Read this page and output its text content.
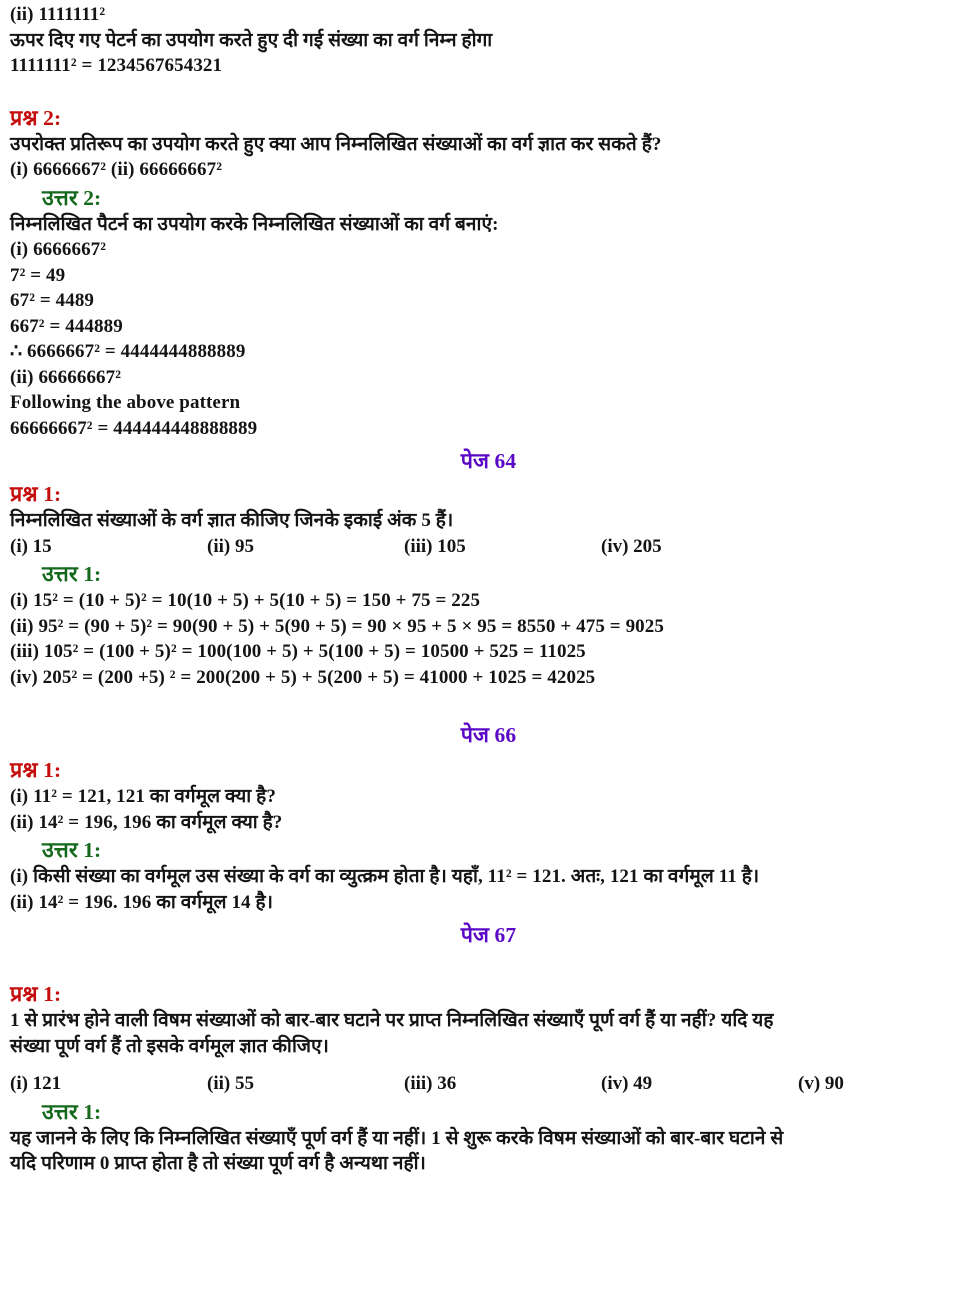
(ii) 1111111²
ऊपर दिए गए पेटर्न का उपयोग करते हुए दी गई संख्या का वर्ग निम्न होगा
1111111² = 1234567654321
प्रश्न 2:
उपरोक्त प्रतिरूप का उपयोग करते हुए क्या आप निम्नलिखित संख्याओं का वर्ग ज्ञात कर सकते हैं?
(i) 6666667² (ii) 66666667²
उत्तर 2:
निम्नलिखित पैटर्न का उपयोग करके निम्नलिखित संख्याओं का वर्ग बनाएं:
(i) 6666667²
7² = 49
67² = 4489
667² = 444889
∴ 6666667² = 4444444888889
(ii) 66666667²
Following the above pattern
66666667² = 444444448888889
पेज 64
प्रश्न 1:
निम्नलिखित संख्याओं के वर्ग ज्ञात कीजिए जिनके इकाई अंक 5 हैं।
(i) 15	(ii) 95	(iii) 105	(iv) 205
उत्तर 1:
(i) 15² = (10 + 5)² = 10(10 + 5) + 5(10 + 5) = 150 + 75 = 225
(ii) 95² = (90 + 5)² = 90(90 + 5) + 5(90 + 5) = 90 × 95 + 5 × 95 = 8550 + 475 = 9025
(iii) 105² = (100 + 5)² = 100(100 + 5) + 5(100 + 5) = 10500 + 525 = 11025
(iv) 205² = (200 +5) ² = 200(200 + 5) + 5(200 + 5) = 41000 + 1025 = 42025
पेज 66
प्रश्न 1:
(i) 11² = 121, 121 का वर्गमूल क्या है?
(ii) 14² = 196, 196 का वर्गमूल क्या है?
उत्तर 1:
(i) किसी संख्या का वर्गमूल उस संख्या के वर्ग का व्युत्क्रम होता है। यहाँ, 11² = 121. अतः, 121 का वर्गमूल 11 है।
(ii) 14² = 196. 196 का वर्गमूल 14 है।
पेज 67
प्रश्न 1:
1 से प्रारंभ होने वाली विषम संख्याओं को बार-बार घटाने पर प्राप्त निम्नलिखित संख्याएँ पूर्ण वर्ग हैं या नहीं? यदि यह
संख्या पूर्ण वर्ग हैं तो इसके वर्गमूल ज्ञात कीजिए।
(i) 121	(ii) 55	(iii) 36	(iv) 49	(v) 90
उत्तर 1:
यह जानने के लिए कि निम्नलिखित संख्याएँ पूर्ण वर्ग हैं या नहीं। 1 से शुरू करके विषम संख्याओं को बार-बार घटाने से
यदि परिणाम 0 प्राप्त होता है तो संख्या पूर्ण वर्ग है अन्यथा नहीं।
